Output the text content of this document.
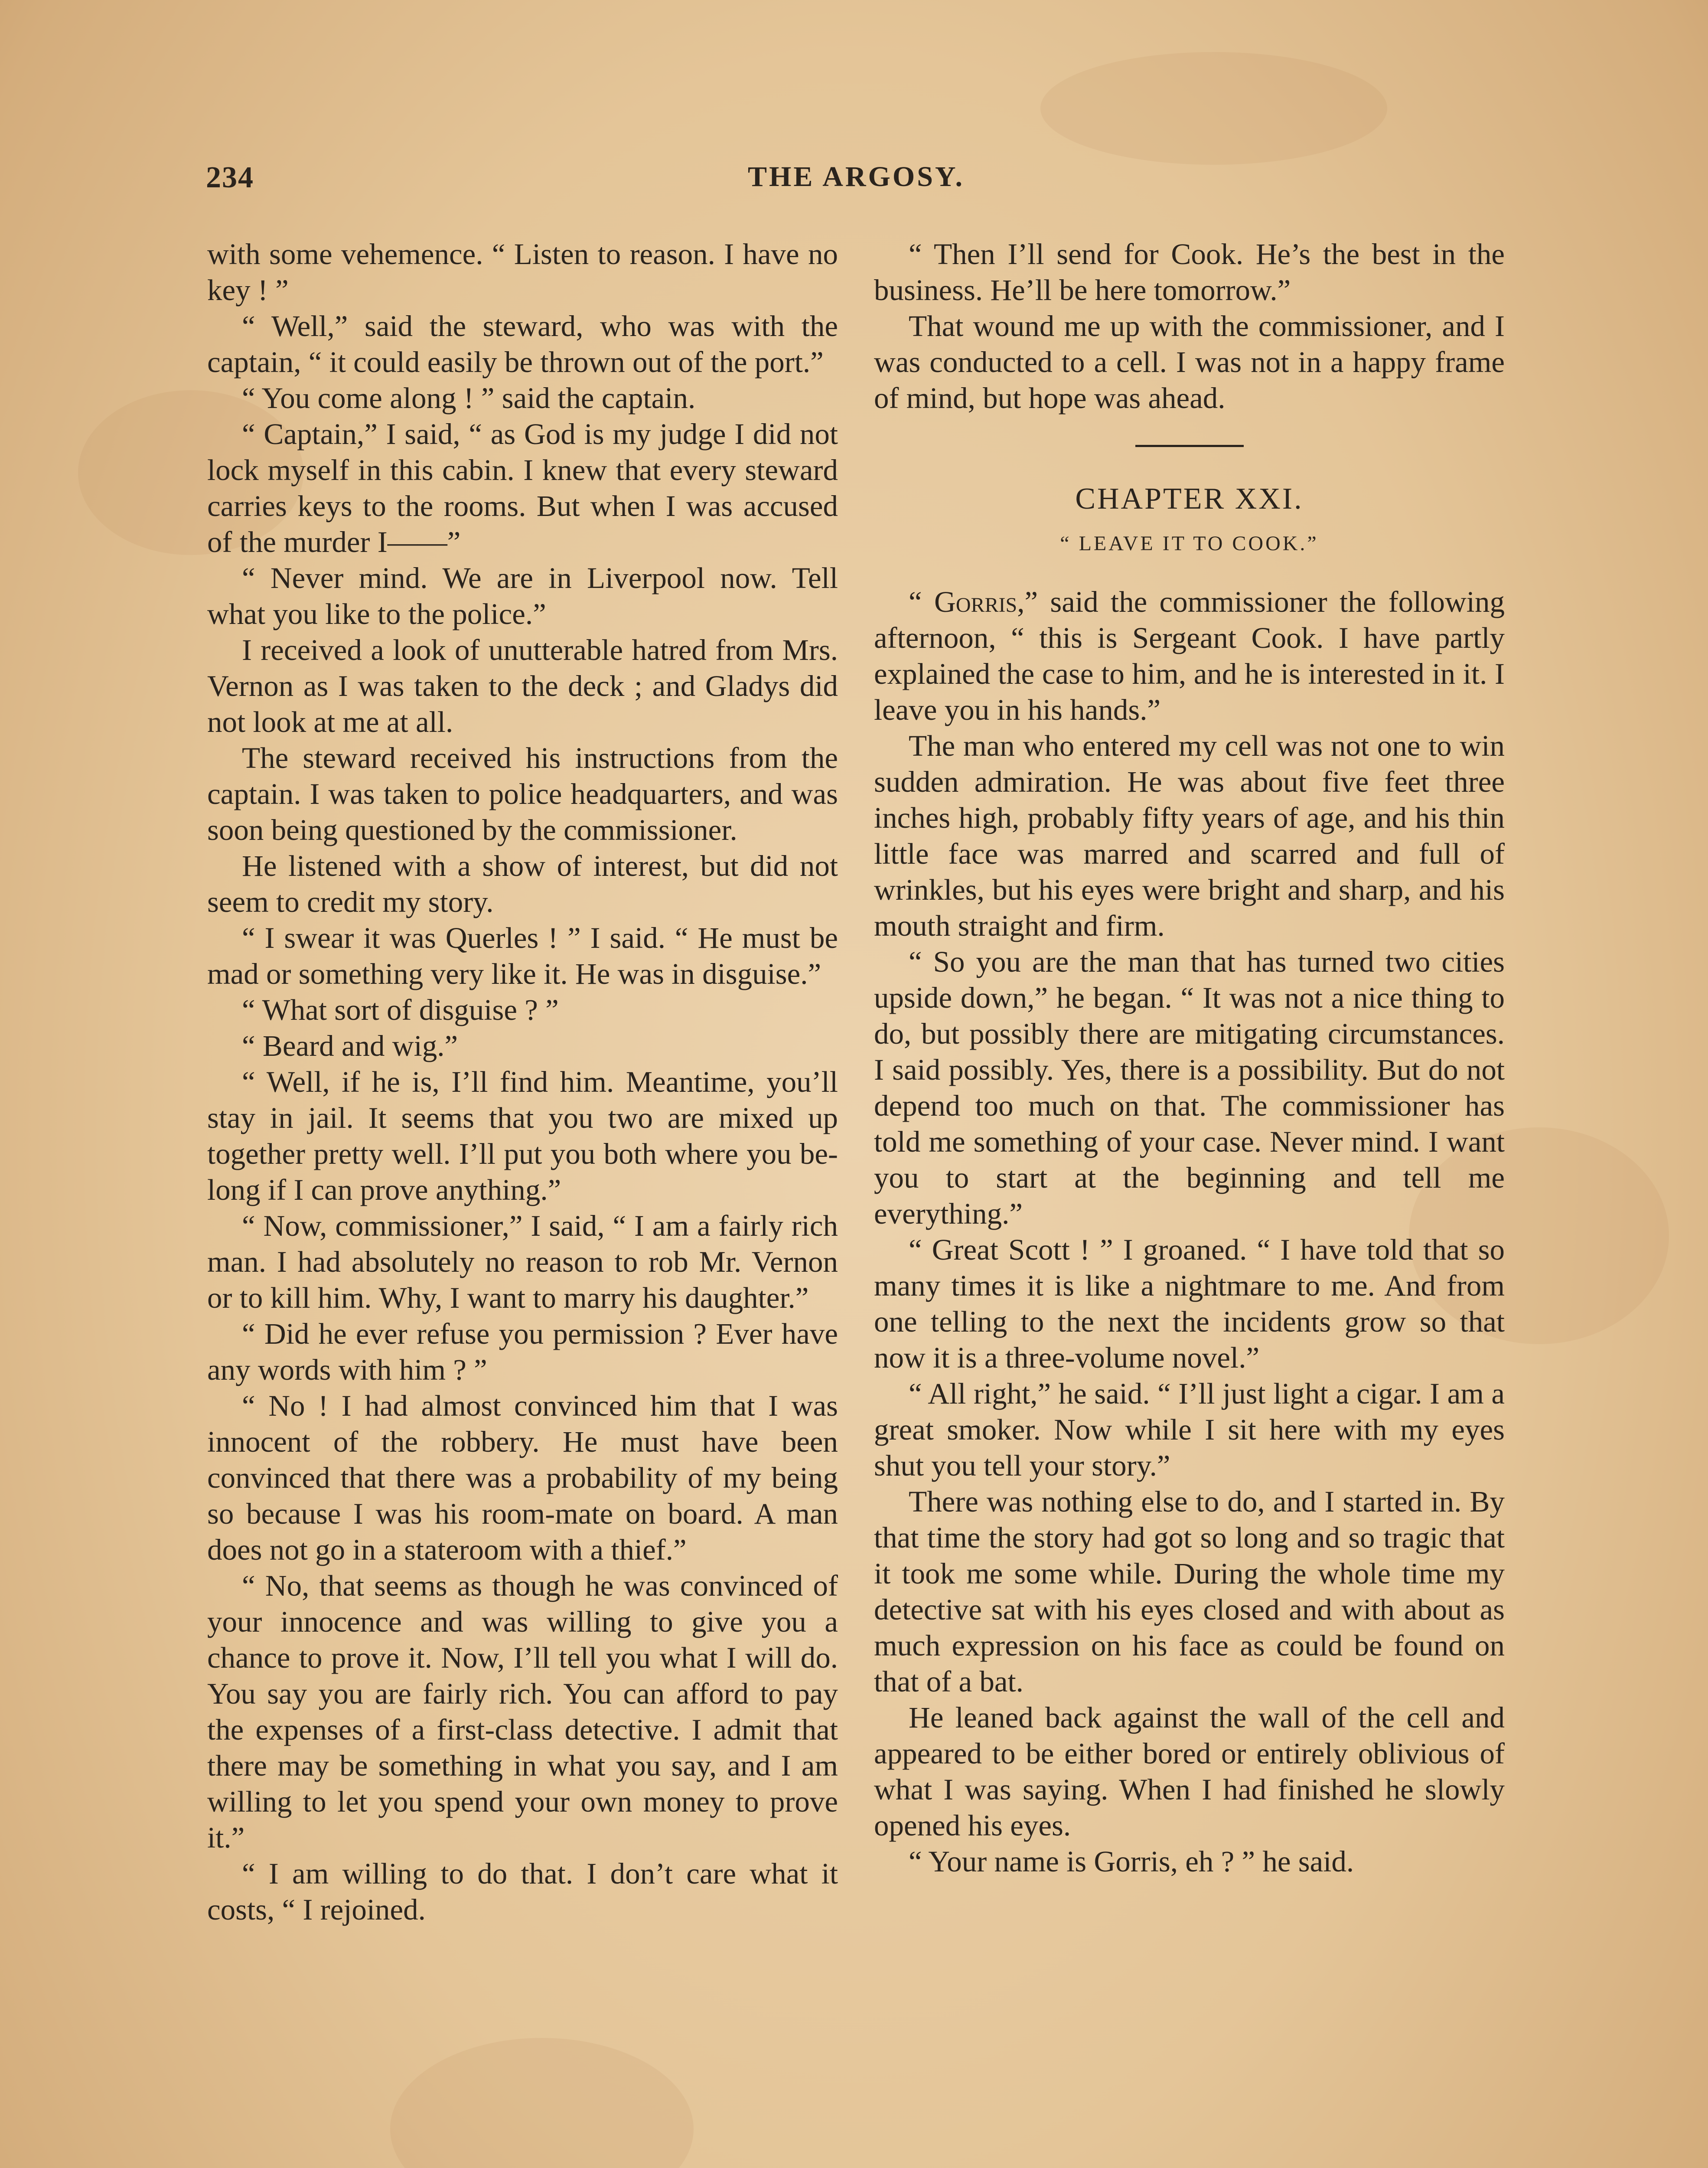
234	THE ARGOSY.

with some vehemence. “ Listen to reason. I have no key ! ”

“ Well,” said the steward, who was with the captain, “ it could easily be thrown out of the port.”

“ You come along ! ” said the captain.

“ Captain,” I said, “ as God is my judge I did not lock myself in this cabin. I knew that every steward carries keys to the rooms. But when I was accused of the murder I——”

“ Never mind. We are in Liverpool now. Tell what you like to the police.”

I received a look of unutterable hatred from Mrs. Vernon as I was taken to the deck ; and Gladys did not look at me at all.

The steward received his instructions from the captain. I was taken to police headquarters, and was soon being questioned by the commissioner.

He listened with a show of interest, but did not seem to credit my story.

“ I swear it was Querles ! ” I said. “ He must be mad or something very like it. He was in disguise.”

“ What sort of disguise ? ”

“ Beard and wig.”

“ Well, if he is, I’ll find him. Meantime, you’ll stay in jail. It seems that you two are mixed up together pretty well. I’ll put you both where you belong if I can prove anything.”

“ Now, commissioner,” I said, “ I am a fairly rich man. I had absolutely no reason to rob Mr. Vernon or to kill him. Why, I want to marry his daughter.”

“ Did he ever refuse you permission ? Ever have any words with him ? ”

“ No ! I had almost convinced him that I was innocent of the robbery. He must have been convinced that there was a probability of my being so because I was his room-mate on board. A man does not go in a stateroom with a thief.”

“ No, that seems as though he was convinced of your innocence and was willing to give you a chance to prove it. Now, I’ll tell you what I will do. You say you are fairly rich. You can afford to pay the expenses of a first-class detective. I admit that there may be something in what you say, and I am willing to let you spend your own money to prove it.”

“ I am willing to do that. I don’t care what it costs, “ I rejoined.

“ Then I’ll send for Cook. He’s the best in the business. He’ll be here tomorrow.”

That wound me up with the commissioner, and I was conducted to a cell. I was not in a happy frame of mind, but hope was ahead.

CHAPTER XXI.
“ LEAVE IT TO COOK.”

“ Gorris,” said the commissioner the following afternoon, “ this is Sergeant Cook. I have partly explained the case to him, and he is interested in it. I leave you in his hands.”

The man who entered my cell was not one to win sudden admiration. He was about five feet three inches high, probably fifty years of age, and his thin little face was marred and scarred and full of wrinkles, but his eyes were bright and sharp, and his mouth straight and firm.

“ So you are the man that has turned two cities upside down,” he began. “ It was not a nice thing to do, but possibly there are mitigating circumstances. I said possibly. Yes, there is a possibility. But do not depend too much on that. The commissioner has told me something of your case. Never mind. I want you to start at the beginning and tell me everything.”

“ Great Scott ! ” I groaned. “ I have told that so many times it is like a nightmare to me. And from one telling to the next the incidents grow so that now it is a three-volume novel.”

“ All right,” he said. “ I’ll just light a cigar. I am a great smoker. Now while I sit here with my eyes shut you tell your story.”

There was nothing else to do, and I started in. By that time the story had got so long and so tragic that it took me some while. During the whole time my detective sat with his eyes closed and with about as much expression on his face as could be found on that of a bat.

He leaned back against the wall of the cell and appeared to be either bored or entirely oblivious of what I was saying. When I had finished he slowly opened his eyes.

“ Your name is Gorris, eh ? ” he said.
